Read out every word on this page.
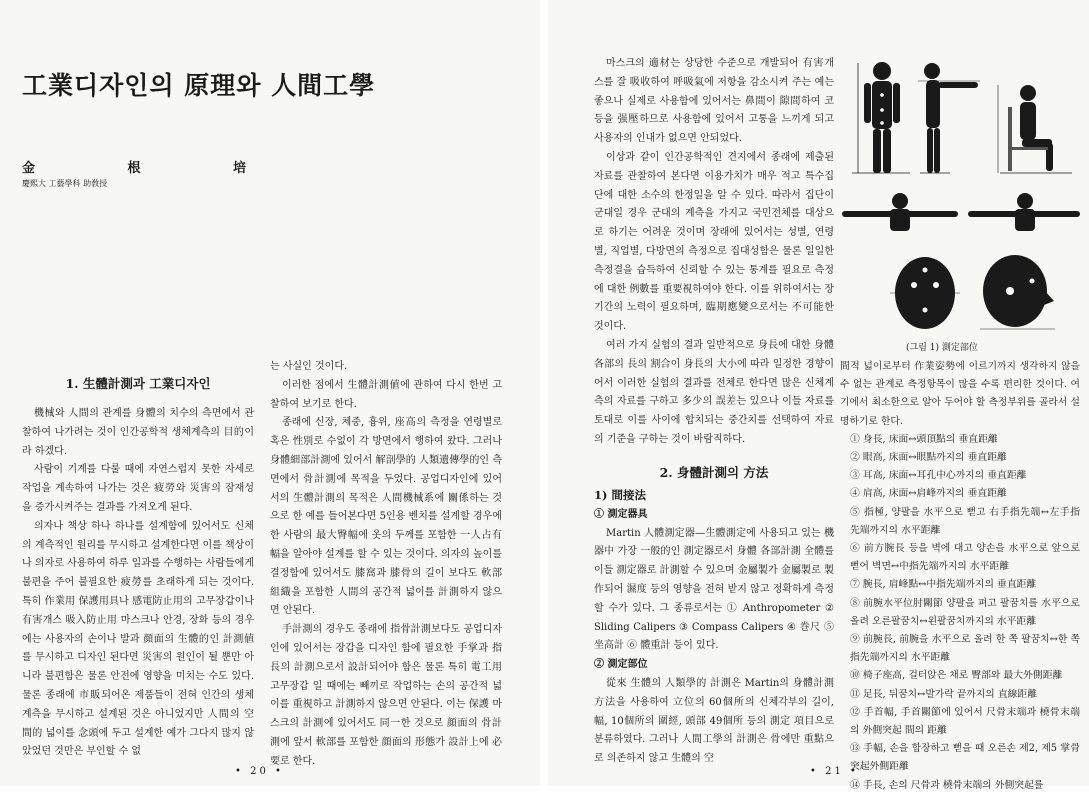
工業디자인의 原理와 人間工學
金 根 培
慶熙大 工藝學科 助敎授
1. 生體計測과 工業디자인

機械와 人間의 관계를 身體의 치수의 측면에서 관찰하여 나가려는 것이 인간공학적 생체계측의 目的이라 하겠다.

사람이 기계를 다룰 때에 자연스럽지 못한 자세로 작업을 계속하여 나가는 것은 疲勞와 災害의 잠재성을 증가시켜주는 결과를 가져오게 된다.

의자나 책상 하나 하나를 설계함에 있어서도 신체의 계측적인 원리를 무시하고 설계한다면 이를 책상이나 의자로 사용하여 하루 일과를 수행하는 사람들에게 불편을 주어 불필요한 疲勞를 초래하게 되는 것이다. 특히 作業用 保護用具나 感電防止用의 고무장갑이나 有害개스 吸入防止用 마스크나 안경, 장화 등의 경우에는 사용자의 손이나 발과 顔面의 生體的인 計測値를 무시하고 디자인 된다면 災害의 원인이 될 뿐만 아니라 불편함은 물론 안전에 영향을 미치는 수도 있다. 물론 종래에 市販되어온 제품들이 전혀 인간의 생체계측을 무시하고 설계된 것은 아니었지만 人間의 空間的 넓이를 念頭에 두고 설계한 예가 그다지 많지 않았었던 것만은 부인할 수 없

는 사실인 것이다.

이러한 점에서 生體計測値에 관하여 다시 한번 고찰하여 보기로 한다.

종래에 신장, 체중, 흉위, 座高의 측정을 연령별로 혹은 性別로 수없이 각 방면에서 행하여 왔다. 그러나 身體細部計測에 있어서 解剖學的 人類遺傳學的인 측면에서 骨計測에 목적을 두었다. 공업디자인에 있어서의 生體計測의 목적은 人間機械系에 關係하는 것으로 한 예를 들어본다면 5인용 벤치를 설계할 경우에 한 사람의 最大臀幅에 옷의 두께를 포함한 一人占有幅을 알아야 설계를 할 수 있는 것이다. 의자의 높이를 결정함에 있어서도 膝窩과 膝骨의 길이 보다도 軟部組織을 포함한 人間의 공간적 넓이를 計測하지 않으면 안된다.

手計測의 경우도 종래에 指骨計測보다도 공업디자인에 있어서는 장갑을 디자인 함에 필요한 手掌과 指長의 計測으로서 設計되어야 함은 물론 특히 電工用 고무장갑 일 때에는 빼끼로 작업하는 손의 공간적 넓이를 重視하고 計測하지 않으면 안된다. 이는 保護 마스크의 計測에 있어서도 同一한 것으로 顔面의 骨計測에 앞서 軟部를 포함한 顔面의 形態가 設計上에 必要로 한다.

• 20 •

마스크의 適材는 상당한 수준으로 개발되어 有害개스를 잘 吸收하여 呼吸氣에 저항을 감소시켜 주는 예는 좋으나 실제로 사용함에 있어서는 鼻間이 隙間하여 코 등을 强壓하므로 사용함에 있어서 고통을 느끼게 되고 사용자의 인내가 없으면 안되었다.

이상과 같이 인간공학적인 견지에서 종래에 제출된 자료를 관찰하여 본다면 이용가치가 매우 적고 특수집단에 대한 소수의 한정일을 알 수 있다. 따라서 집단이 군대일 경우 군대의 계측을 가지고 국민전체를 대상으로 하기는 어려운 것이며 장래에 있어서는 성별, 연령별, 직업별, 다방면의 측정으로 집대성함은 물론 일일한 측정결을 습득하여 신뢰할 수 있는 통계를 필요로 측정에 대한 例數를 重要視하여야 한다. 이를 위하여서는 장기간의 노력이 필요하며, 臨期應變으로서는 不可能한 것이다.

여러 가지 실험의 결과 일반적으로 身長에 대한 身體 各部의 長의 割合이 身長의 大小에 따라 일정한 경향이어서 이러한 실험의 결과를 전체로 한다면 많은 신체계측의 자료를 구하고 多少의 誤差는 있으나 이들 자료를 토대로 이를 사이에 합치되는 중간치를 선택하여 자료의 기준을 구하는 것이 바람직하다.

2. 身體計測의 方法
1) 間接法

① 測定器具

Martin 人體測定器—生體測定에 사용되고 있는 機器中 가장 一般的인 測定器로서 身體 各部計測 全體를 이들 測定器로 計測할 수 있으며 金屬製가 金屬製로 製作되어 濕度 등의 영향을 전혀 받지 않고 정확하게 측정할 수가 있다. 그 종류로서는 ① Anthropometer ② Sliding Calipers ③ Compass Calipers ④ 巻尺 ⑤ 坐高計 ⑥ 體重計 등이 있다.

② 測定部位

從來 生體의 人類學的 計測은 Martin의 身體計測方法을 사용하여 立位의 60個所의 신체각부의 길이, 幅, 10個所의 圍經, 頭部 49個所 등의 測定 項目으로 분류하였다. 그러나 人間工學의 計測은 骨에만 重點으로 의존하지 않고 生體의 空

(그림 1) 測定部位

間적 넓이로부터 作業姿勢에 이르기까지 생각하지 않을 수 없는 관계로 측정항목이 많을 수록 편리한 것이다. 여기에서 최소한으로 알아 두어야 할 측정부위를 골라서 설명하기로 한다.

① 身長, 床面↔頭頂點의 垂直距離

② 眼高, 床面↔眼點까지의 垂直距離

③ 耳高, 床面↔耳孔中心까지의 垂直距離

④ 肩高, 床面↔肩峰까지의 垂直距離

⑤ 指極, 양팔을 水平으로 뻗고 右手指先端↔左手指先端까지의 水平距離

⑥ 前方腕長 등을 벽에 대고 양손을 水平으로 앞으로 뻗어 벽면↔中指先端까지의 水平距離

⑦ 腕長, 肩峰點↔中指先端까지의 垂直距離

⑧ 前腕水平位肘關節 양팔을 펴고 팔꿈치를 水平으로 올려 오른팔꿈치↔왼팔꿈치까지의 水平距離

⑨ 前腕長, 前腕을 水平으로 올려 한 쪽 팔꿈치↔한 쪽 指先端까지의 水平距離

⑩ 椅子座高, 걸터앉은 채로 臀部와 最大外側距離

⑪ 足長, 뒤꿈치↔발가락 끝까지의 直線距離

⑫ 手首幅, 手首關節에 있어서 尺骨末端과 橈骨末端의 外側突起 間의 距離

⑬ 手幅, 손을 합장하고 뻗을 때 오른손 제2, 제5 掌骨突起外側距離

⑭ 手長, 손의 尺骨과 橈骨末端의 外側突起를

• 21 •
